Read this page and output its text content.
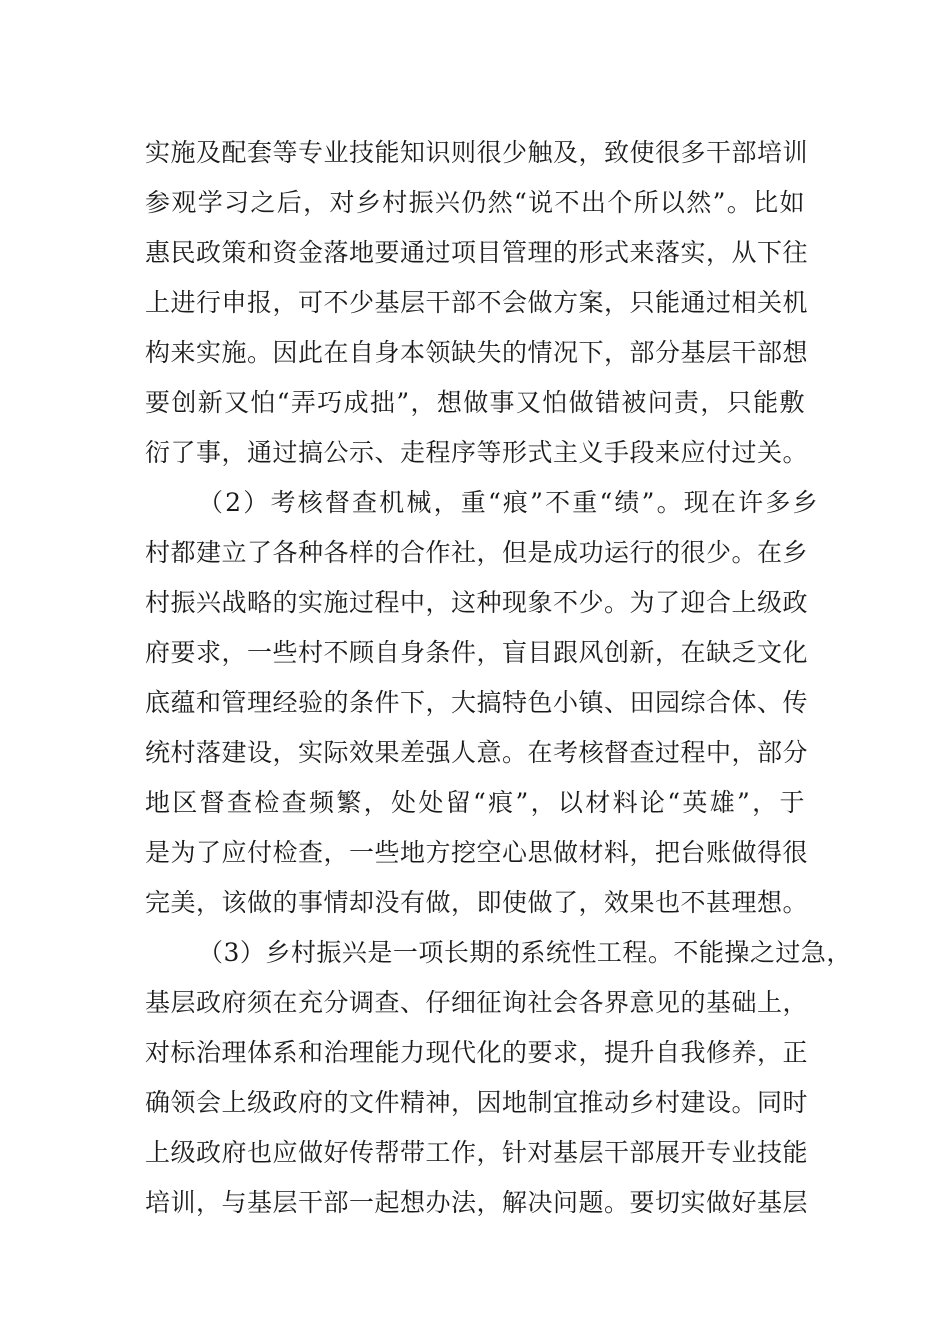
实施及配套等专业技能知识则很少触及，致使很多干部培训
参观学习之后，对乡村振兴仍然“说不出个所以然”。比如
惠民政策和资金落地要通过项目管理的形式来落实，从下往
上进行申报，可不少基层干部不会做方案，只能通过相关机
构来实施。因此在自身本领缺失的情况下，部分基层干部想
要创新又怕“弄巧成拙”，想做事又怕做错被问责，只能敷
衍了事，通过搞公示、走程序等形式主义手段来应付过关。
（2）考核督查机械，重“痕”不重“绩”。现在许多乡
村都建立了各种各样的合作社，但是成功运行的很少。在乡
村振兴战略的实施过程中，这种现象不少。为了迎合上级政
府要求，一些村不顾自身条件，盲目跟风创新，在缺乏文化
底蕴和管理经验的条件下，大搞特色小镇、田园综合体、传
统村落建设，实际效果差强人意。在考核督查过程中，部分
地区督查检查频繁，处处留“痕”，以材料论“英雄”，于
是为了应付检查，一些地方挖空心思做材料，把台账做得很
完美，该做的事情却没有做，即使做了，效果也不甚理想。
（3）乡村振兴是一项长期的系统性工程。不能操之过急，
基层政府须在充分调查、仔细征询社会各界意见的基础上，
对标治理体系和治理能力现代化的要求，提升自我修养，正
确领会上级政府的文件精神，因地制宜推动乡村建设。同时
上级政府也应做好传帮带工作，针对基层干部展开专业技能
培训，与基层干部一起想办法，解决问题。要切实做好基层
